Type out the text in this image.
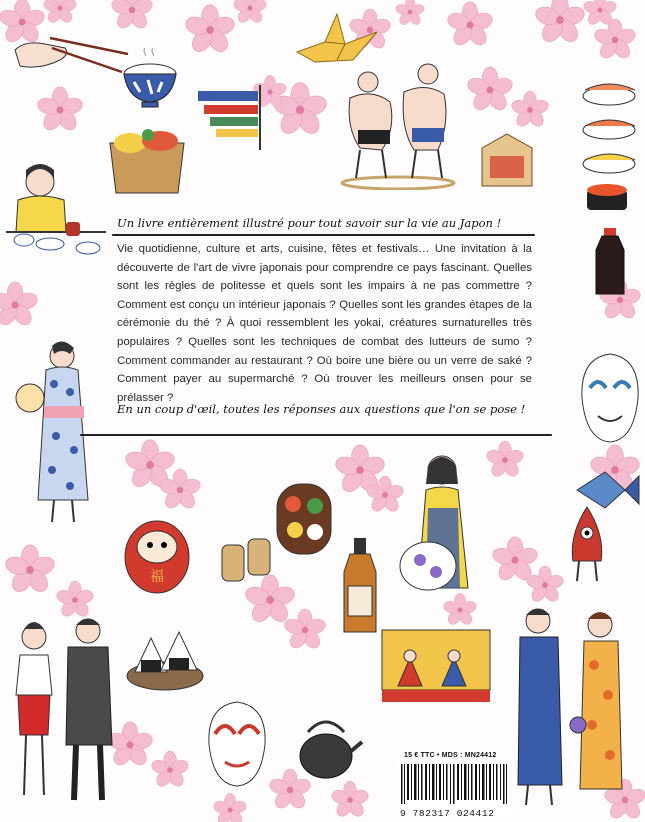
福
Un livre entièrement illustré pour tout savoir sur la vie au Japon !

Vie quotidienne, culture et arts, cuisine, fêtes et festivals… Une invitation à la découverte de l'art de vivre japonais pour comprendre ce pays fascinant. Quelles sont les règles de politesse et quels sont les impairs à ne pas commettre ? Comment est conçu un intérieur japonais ? Quelles sont les grandes étapes de la cérémonie du thé ? À quoi ressemblent les yokai, créatures surnaturelles très populaires ? Quelles sont les techniques de combat des lutteurs de sumo ? Comment commander au restaurant ? Où boire une bière ou un verre de saké ? Comment payer au supermarché ? Où trouver les meilleurs onsen pour se prélasser ?

En un coup d'œil, toutes les réponses aux questions que l'on se pose !
15 € TTC • MDS : MN24412
9 782317 024412
